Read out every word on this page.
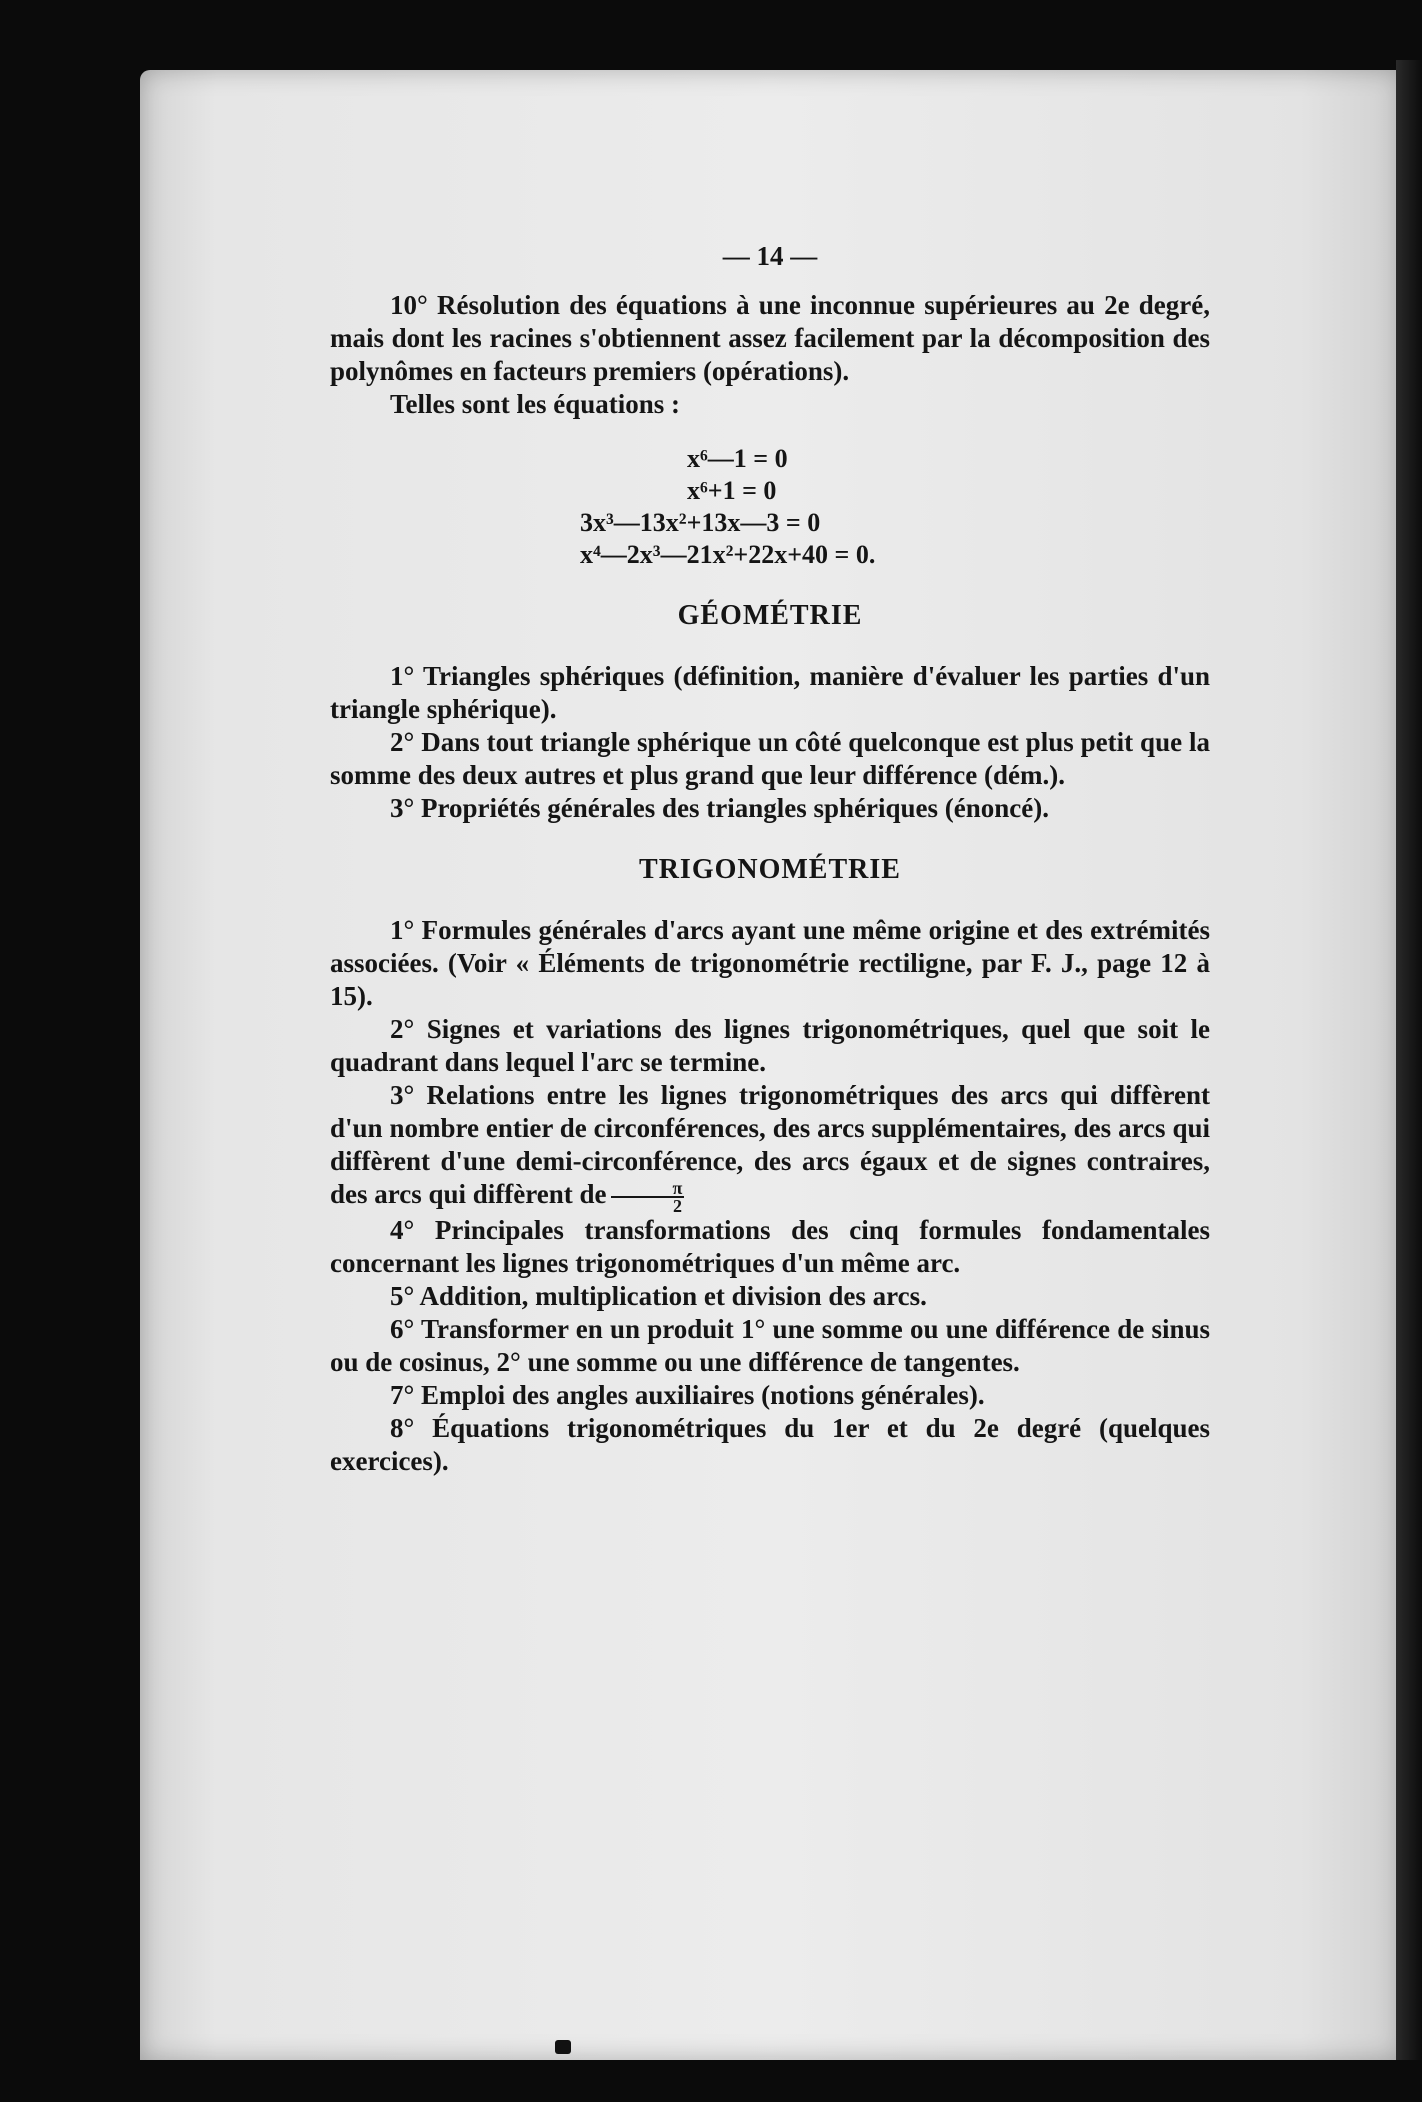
— 14 —

10° Résolution des équations à une inconnue supérieures au 2e degré, mais dont les racines s'obtiennent assez facilement par la décomposition des polynômes en facteurs premiers (opérations).

Telles sont les équations :

x⁶—1 = 0
x⁶+1 = 0
3x³—13x²+13x—3 = 0
x⁴—2x³—21x²+22x+40 = 0.
GÉOMÉTRIE

1° Triangles sphériques (définition, manière d'évaluer les parties d'un triangle sphérique).

2° Dans tout triangle sphérique un côté quelconque est plus petit que la somme des deux autres et plus grand que leur différence (dém.).

3° Propriétés générales des triangles sphériques (énoncé).

TRIGONOMÉTRIE

1° Formules générales d'arcs ayant une même origine et des extrémités associées. (Voir « Éléments de trigonométrie rectiligne, par F. J., page 12 à 15).

2° Signes et variations des lignes trigonométriques, quel que soit le quadrant dans lequel l'arc se termine.

3° Relations entre les lignes trigonométriques des arcs qui diffèrent d'un nombre entier de circonférences, des arcs supplémentaires, des arcs qui diffèrent d'une demi-circonférence, des arcs égaux et de signes contraires, des arcs qui diffèrent de $\frac{\pi}{2}$

4° Principales transformations des cinq formules fondamentales concernant les lignes trigonométriques d'un même arc.

5° Addition, multiplication et division des arcs.

6° Transformer en un produit 1° une somme ou une différence de sinus ou de cosinus, 2° une somme ou une différence de tangentes.

7° Emploi des angles auxiliaires (notions générales).

8° Équations trigonométriques du 1er et du 2e degré (quelques exercices).
